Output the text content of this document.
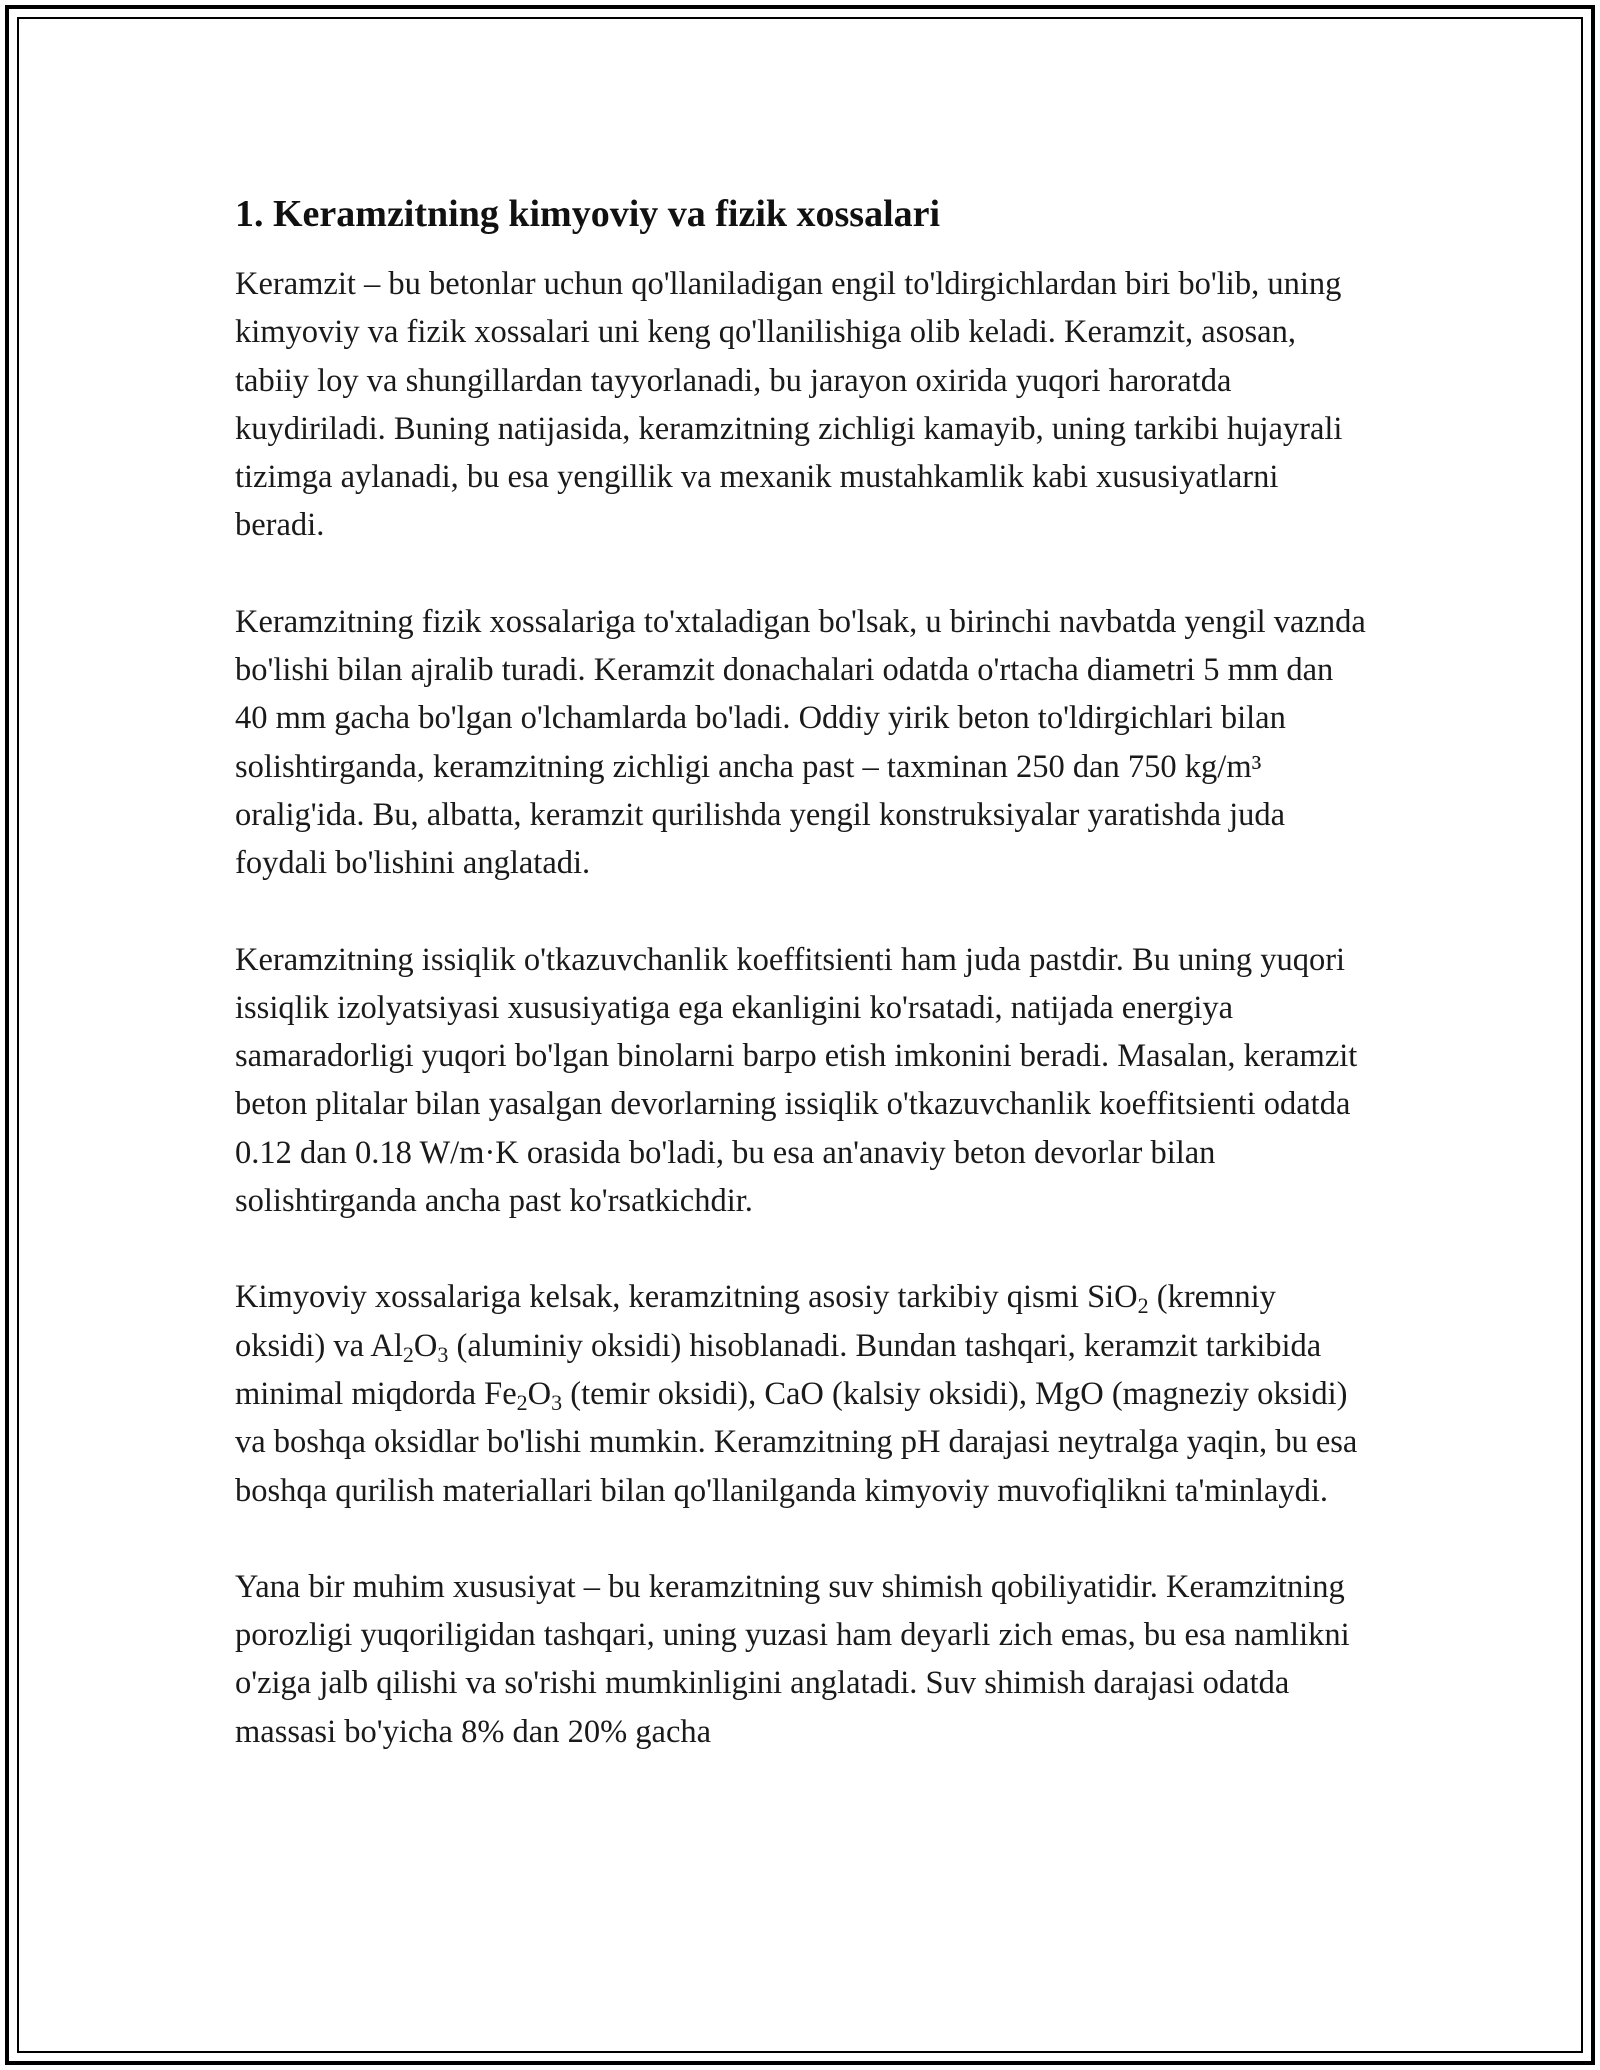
1. Keramzitning kimyoviy va fizik xossalari

Keramzit – bu betonlar uchun qo'llaniladigan engil to'ldirgichlardan biri bo'lib, uning kimyoviy va fizik xossalari uni keng qo'llanilishiga olib keladi. Keramzit, asosan, tabiiy loy va shungillardan tayyorlanadi, bu jarayon oxirida yuqori haroratda kuydiriladi. Buning natijasida, keramzitning zichligi kamayib, uning tarkibi hujayrali tizimga aylanadi, bu esa yengillik va mexanik mustahkamlik kabi xususiyatlarni beradi.

Keramzitning fizik xossalariga to'xtaladigan bo'lsak, u birinchi navbatda yengil vaznda bo'lishi bilan ajralib turadi. Keramzit donachalari odatda o'rtacha diametri 5 mm dan 40 mm gacha bo'lgan o'lchamlarda bo'ladi. Oddiy yirik beton to'ldirgichlari bilan solishtirganda, keramzitning zichligi ancha past – taxminan 250 dan 750 kg/m³ oralig'ida. Bu, albatta, keramzit qurilishda yengil konstruksiyalar yaratishda juda foydali bo'lishini anglatadi.

Keramzitning issiqlik o'tkazuvchanlik koeffitsienti ham juda pastdir. Bu uning yuqori issiqlik izolyatsiyasi xususiyatiga ega ekanligini ko'rsatadi, natijada energiya samaradorligi yuqori bo'lgan binolarni barpo etish imkonini beradi. Masalan, keramzit beton plitalar bilan yasalgan devorlarning issiqlik o'tkazuvchanlik koeffitsienti odatda 0.12 dan 0.18 W/m·K orasida bo'ladi, bu esa an'anaviy beton devorlar bilan solishtirganda ancha past ko'rsatkichdir.

Kimyoviy xossalariga kelsak, keramzitning asosiy tarkibiy qismi SiO$_2$ (kremniy oksidi) va $Al_2O_3$ (aluminiy oksidi) hisoblanadi. Bundan tashqari, keramzit tarkibida minimal miqdorda $Fe_2O_3$ (temir oksidi), CaO (kalsiy oksidi), MgO (magneziy oksidi) va boshqa oksidlar bo'lishi mumkin. Keramzitning pH darajasi neytralga yaqin, bu esa boshqa qurilish materiallari bilan qo'llanilganda kimyoviy muvofiqlikni ta'minlaydi.

Yana bir muhim xususiyat – bu keramzitning suv shimish qobiliyatidir. Keramzitning porozligi yuqoriligidan tashqari, uning yuzasi ham deyarli zich emas, bu esa namlikni o'ziga jalb qilishi va so'rishi mumkinligini anglatadi. Suv shimish darajasi odatda massasi bo'yicha 8% dan 20% gacha
